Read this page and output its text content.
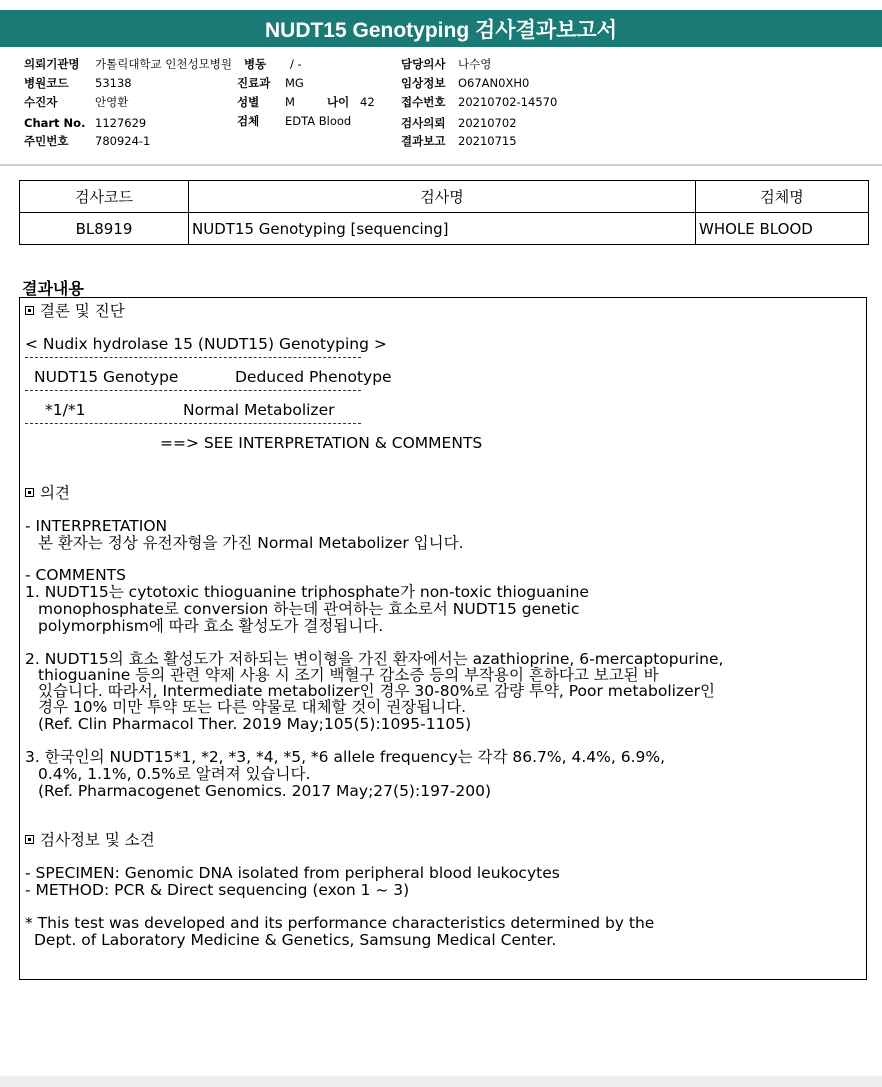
NUDT15 Genotyping 검사결과보고서
의뢰기관명 가톨릭대학교 인천성모병원 병동 / -	담당의사 나수영
병원코드 53138	진료과 MG	임상정보 O67AN0XH0
수진자	안영환	성별 M	나이 42 접수번호 20210702-14570
Chart No. 1127629	검체 EDTA Blood	검사의뢰 20210702
주민번호 780924-1	결과보고 20210715
검사코드	검사명	검체명
BL8919	NUDT15 Genotyping [sequencing]	WHOLE BLOOD
결과내용
결론 및 진단
< Nudix hydrolase 15 (NUDT15) Genotyping >
NUDT15 Genotype	Deduced Phenotype
*1/*1	Normal Metabolizer
==> SEE INTERPRETATION & COMMENTS
의견
- INTERPRETATION
본 환자는 정상 유전자형을 가진 Normal Metabolizer 입니다.
- COMMENTS
1. NUDT15는 cytotoxic thioguanine triphosphate가 non-toxic thioguanine
monophosphate로 conversion 하는데 관여하는 효소로서 NUDT15 genetic
polymorphism에 따라 효소 활성도가 결정됩니다.
2. NUDT15의 효소 활성도가 저하되는 변이형을 가진 환자에서는 azathioprine, 6-mercaptopurine,
thioguanine 등의 관련 약제 사용 시 조기 백혈구 감소증 등의 부작용이 흔하다고 보고된 바
있습니다. 따라서, Intermediate metabolizer인 경우 30-80%로 감량 투약, Poor metabolizer인
경우 10% 미만 투약 또는 다른 약물로 대체할 것이 권장됩니다.
(Ref. Clin Pharmacol Ther. 2019 May;105(5):1095-1105)
3. 한국인의 NUDT15*1, *2, *3, *4, *5, *6 allele frequency는 각각 86.7%, 4.4%, 6.9%,
0.4%, 1.1%, 0.5%로 알려져 있습니다.
(Ref. Pharmacogenet Genomics. 2017 May;27(5):197-200)
검사정보 및 소견
- SPECIMEN: Genomic DNA isolated from peripheral blood leukocytes
- METHOD: PCR & Direct sequencing (exon 1 ~ 3)
* This test was developed and its performance characteristics determined by the
Dept. of Laboratory Medicine & Genetics, Samsung Medical Center.
